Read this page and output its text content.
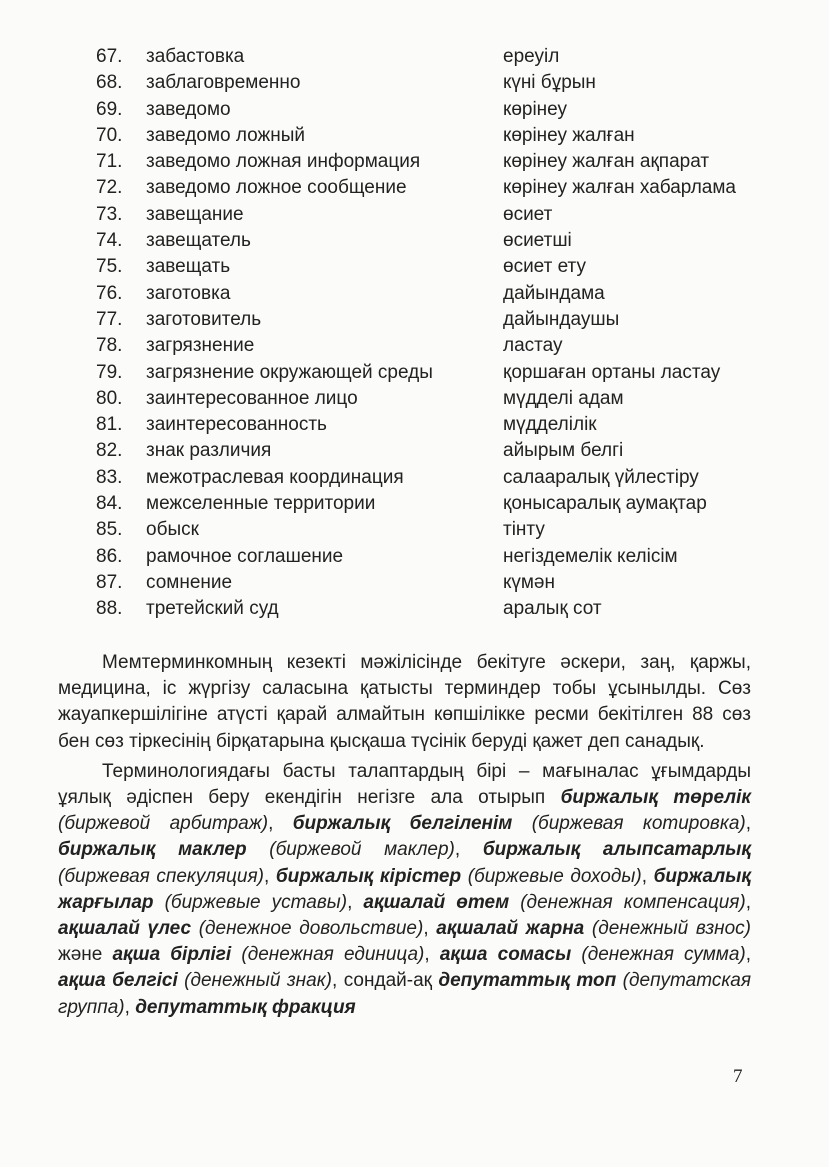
67.	забастовка	ереуіл
68.	заблаговременно	күні бұрын
69.	заведомо	көрінеу
70.	заведомо ложный	көрінеу жалған
71.	заведомо ложная информация	көрінеу жалған ақпарат
72.	заведомо ложное сообщение	көрінеу жалған хабарлама
73.	завещание	өсиет
74.	завещатель	өсиетші
75.	завещать	өсиет ету
76.	заготовка	дайындама
77.	заготовитель	дайындаушы
78.	загрязнение	ластау
79.	загрязнение окружающей среды	қоршаған ортаны ластау
80.	заинтересованное лицо	мүдделі адам
81.	заинтересованность	мүдделілік
82.	знак различия	айырым белгі
83.	межотраслевая координация	салааралық үйлестіру
84.	межселенные территории	қонысаралық аумақтар
85.	обыск	тінту
86.	рамочное соглашение	негіздемелік келісім
87.	сомнение	күмән
88.	третейский суд	аралық сот

Мемтерминкомның кезекті мәжілісінде бекітуге әскери, заң, қаржы, медицина, іс жүргізу саласына қатысты терминдер тобы ұсынылды. Сөз жауапкершілігіне атүсті қарай алмайтын көпшілікке ресми бекітілген 88 сөз бен сөз тіркесінің бірқатарына қысқаша түсінік беруді қажет деп санадық.

Терминологиядағы басты талаптардың бірі – мағыналас ұғымдарды ұялық әдіспен беру екендігін негізге ала отырып биржалық төрелік (биржевой арбитраж), биржалық белгіленім (биржевая котировка), биржалық маклер (биржевой маклер), биржалық алыпсатарлық (биржевая спекуляция), биржалық кірістер (биржевые доходы), биржалық жарғылар (биржевые уставы), ақшалай өтем (денежная компенсация), ақшалай үлес (денежное довольствие), ақшалай жарна (денежный взнос) және ақша бірлігі (денежная единица), ақша сомасы (денежная сумма), ақша белгісі (денежный знак), сондай-ақ депутаттық топ (депутатская группа), депутаттық фракция

7
